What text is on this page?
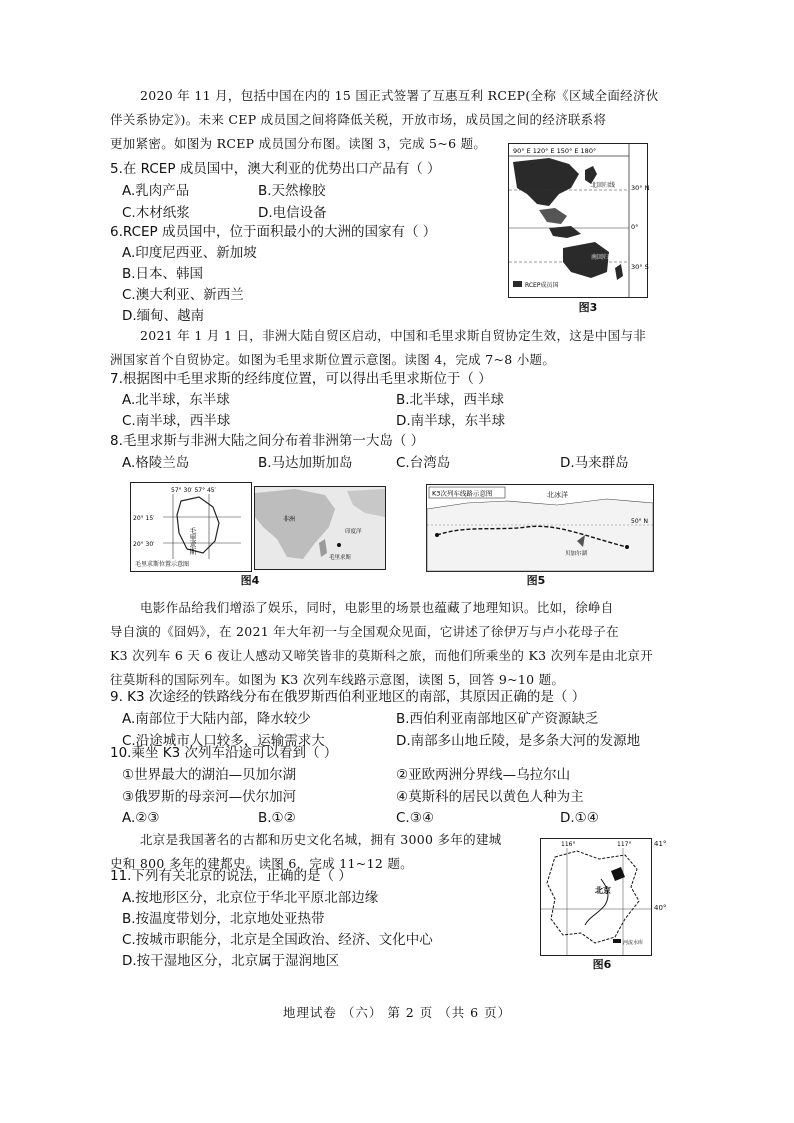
2020 年 11 月，包括中国在内的 15 国正式签署了互惠互利 RCEP(全称《区域全面经济伙
伴关系协定》)。未来 CEP 成员国之间将降低关税，开放市场，成员国之间的经济联系将
更加紧密。如图为 RCEP 成员国分布图。读图 3，完成 5~6 题。
5.在 RCEP 成员国中，澳大利亚的优势出口产品有（ ）
A.乳肉产品	B.天然橡胶
C.木材纸浆	D.电信设备
6.RCEP 成员国中，位于面积最小的大洲的国家有（ ）
A.印度尼西亚、新加坡
B.日本、韩国
C.澳大利亚、新西兰
D.缅甸、越南
90° E 120° E 150° E 180°
北回归线
南回归线
30° N
0°
30° S
RCEP成员国
图3
2021 年 1 月 1 日，非洲大陆自贸区启动，中国和毛里求斯自贸协定生效，这是中国与非
洲国家首个自贸协定。如图为毛里求斯位置示意图。读图 4，完成 7~8 小题。
7.根据图中毛里求斯的经纬度位置，可以得出毛里求斯位于（ ）
A.北半球，东半球	B.北半球，西半球
C.南半球，西半球	D.南半球，东半球
8.毛里求斯与非洲大陆之间分布着非洲第一大岛（ ）
A.格陵兰岛	B.马达加斯加岛	C.台湾岛	D.马来群岛
57° 30′ 57° 45′
20° 15′
20° 30′	毛里求斯
毛里求斯位置示意图
非洲
毛里求斯
印度洋
图4
K3次列车线路示意图	北冰洋
贝加尔湖
50° N
图5
电影作品给我们增添了娱乐，同时，电影里的场景也蕴藏了地理知识。比如，徐峥自
导自演的《囧妈》，在 2021 年大年初一与全国观众见面，它讲述了徐伊万与卢小花母子在
K3 次列车 6 天 6 夜让人感动又啼笑皆非的莫斯科之旅，而他们所乘坐的 K3 次列车是由北京开
往莫斯科的国际列车。如图为 K3 次列车线路示意图，读图 5，回答 9~10 题。
9. K3 次途经的铁路线分布在俄罗斯西伯利亚地区的南部，其原因正确的是（ ）
A.南部位于大陆内部，降水较少	B.西伯利亚南部地区矿产资源缺乏
C.沿途城市人口较多，运输需求大	D.南部多山地丘陵，是多条大河的发源地
10.乘坐 K3 次列车沿途可以看到（ ）
①世界最大的湖泊—贝加尔湖	②亚欧两洲分界线—乌拉尔山
③俄罗斯的母亲河—伏尔加河	④莫斯科的居民以黄色人种为主
A.②③	B.①②	C.③④	D.①④
北京是我国著名的古都和历史文化名城，拥有 3000 多年的建城
史和 800 多年的建都史。读图 6，完成 11~12 题。
11.下列有关北京的说法，正确的是（ ）
A.按地形区分，北京位于华北平原北部边缘
B.按温度带划分，北京地处亚热带
C.按城市职能分，北京是全国政治、经济、文化中心
D.按干湿地区分，北京属于湿润地区
116°	117°
北京
河流水库
41°
40°
图6
地理试卷 （六） 第 2 页 （共 6 页）
